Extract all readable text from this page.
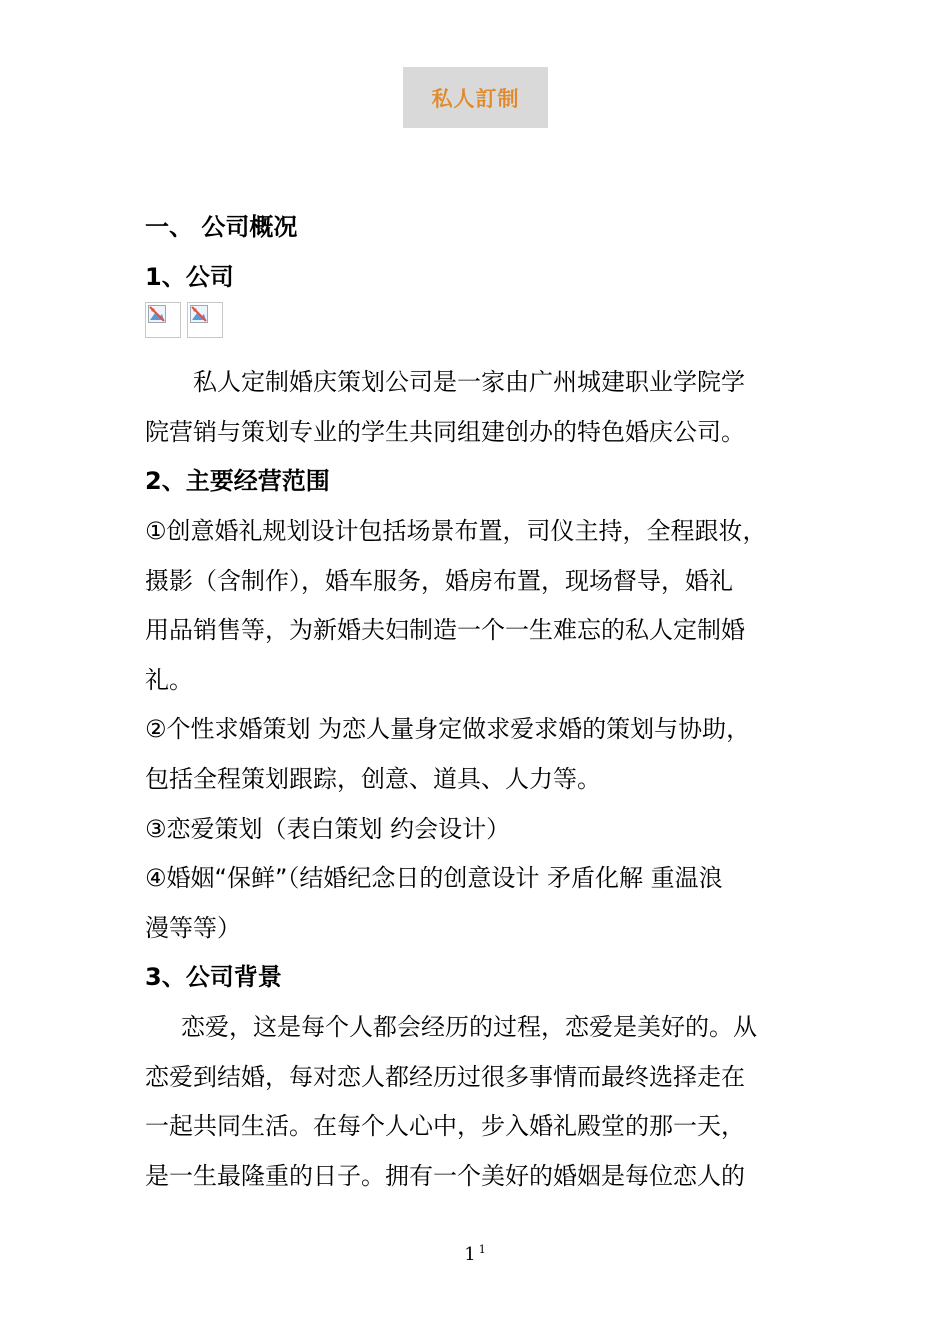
私人訂制
一、 公司概况
1、公司
私人定制婚庆策划公司是一家由广州城建职业学院学
院营销与策划专业的学生共同组建创办的特色婚庆公司。
2、主要经营范围
①创意婚礼规划设计包括场景布置，司仪主持，全程跟妆，
摄影（含制作），婚车服务，婚房布置，现场督导，婚礼
用品销售等，为新婚夫妇制造一个一生难忘的私人定制婚
礼。
②个性求婚策划 为恋人量身定做求爱求婚的策划与协助，
包括全程策划跟踪，创意、道具、人力等。
③恋爱策划（表白策划 约会设计）
④婚姻“保鲜”（结婚纪念日的创意设计 矛盾化解 重温浪
漫等等）
3、公司背景
恋爱，这是每个人都会经历的过程，恋爱是美好的。从
恋爱到结婚，每对恋人都经历过很多事情而最终选择走在
一起共同生活。在每个人心中，步入婚礼殿堂的那一天，
是一生最隆重的日子。拥有一个美好的婚姻是每位恋人的
1 $^1$
